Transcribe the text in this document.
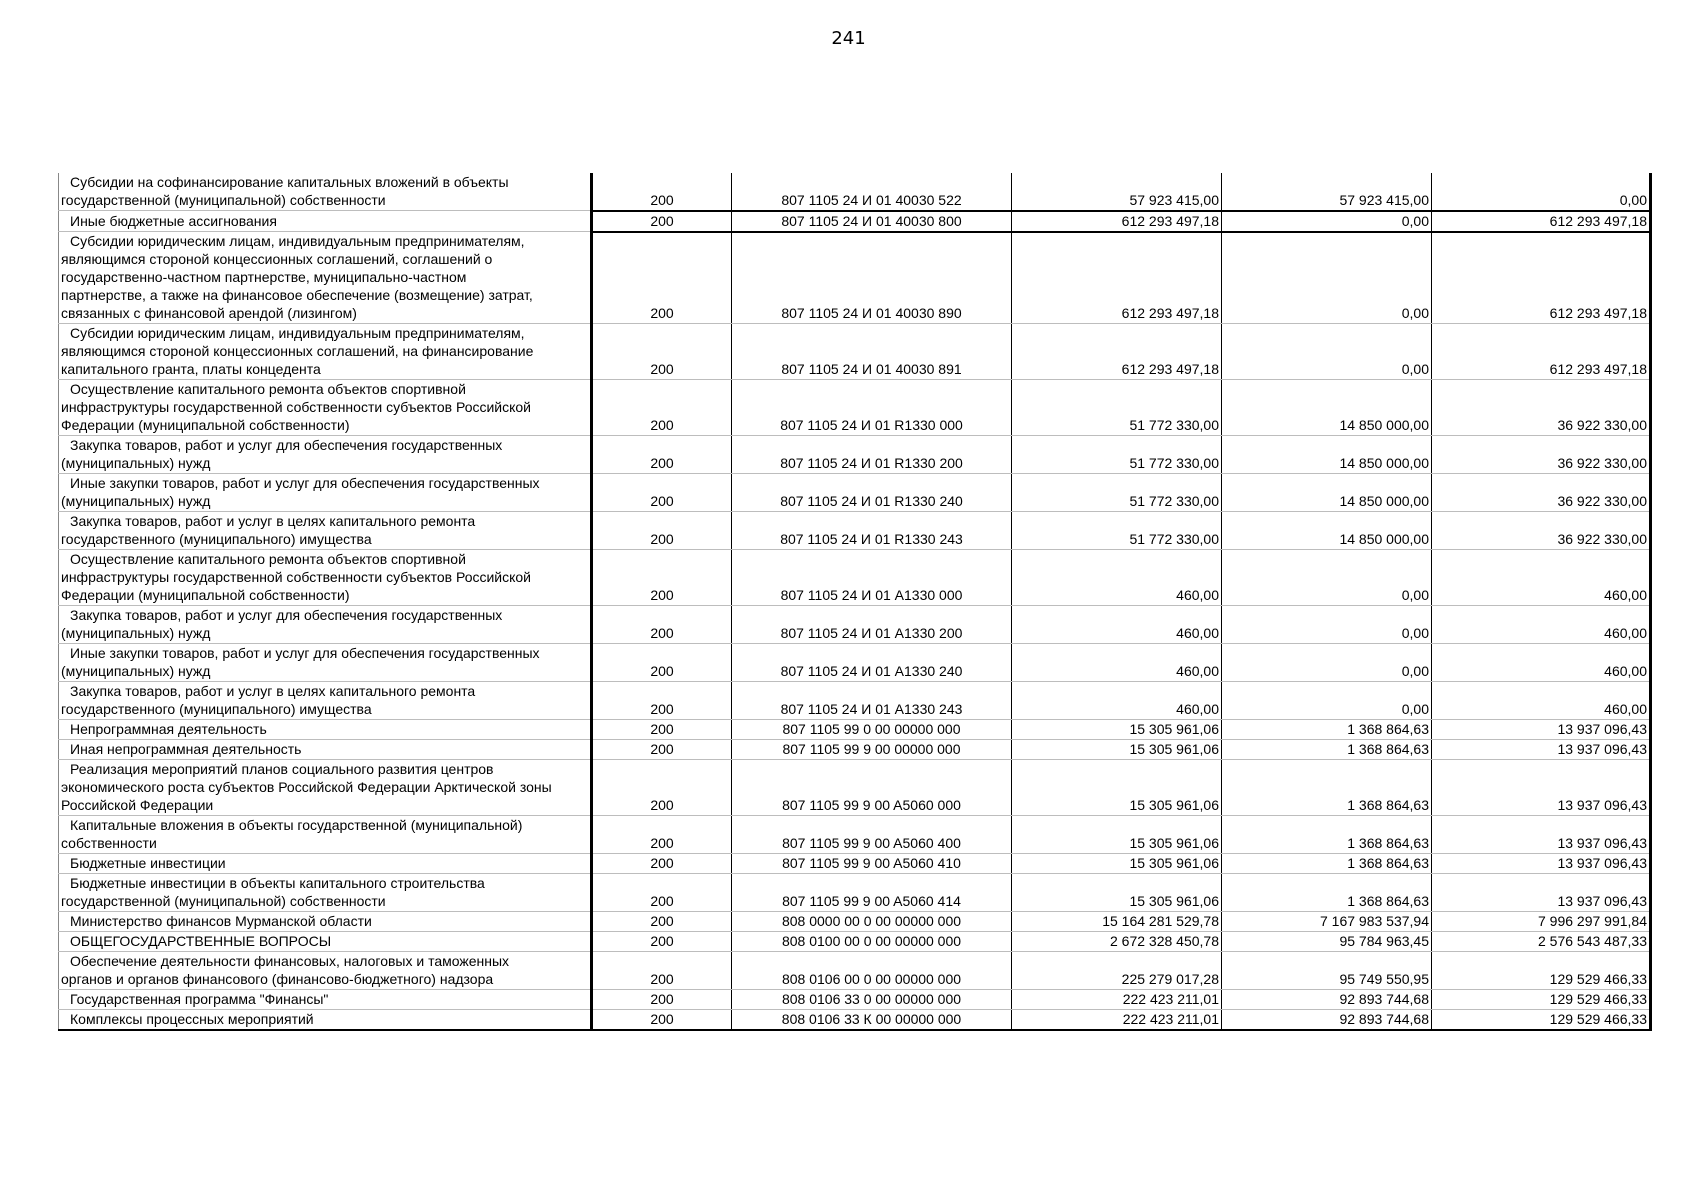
241
Субсидии на софинансирование капитальных вложений в объекты
государственной (муниципальной) собственности	200	807 1105 24 И 01 40030 522	57 923 415,00	57 923 415,00	0,00
Иные бюджетные ассигнования	200	807 1105 24 И 01 40030 800	612 293 497,18	0,00	612 293 497,18
Субсидии юридическим лицам, индивидуальным предпринимателям,
являющимся стороной концессионных соглашений, соглашений о
государственно-частном партнерстве, муниципально-частном
партнерстве, а также на финансовое обеспечение (возмещение) затрат,
связанных с финансовой арендой (лизингом)	200	807 1105 24 И 01 40030 890	612 293 497,18	0,00	612 293 497,18
Субсидии юридическим лицам, индивидуальным предпринимателям,
являющимся стороной концессионных соглашений, на финансирование
капитального гранта, платы концедента	200	807 1105 24 И 01 40030 891	612 293 497,18	0,00	612 293 497,18
Осуществление капитального ремонта объектов спортивной
инфраструктуры государственной собственности субъектов Российской
Федерации (муниципальной собственности)	200	807 1105 24 И 01 R1330 000	51 772 330,00	14 850 000,00	36 922 330,00
Закупка товаров, работ и услуг для обеспечения государственных
(муниципальных) нужд	200	807 1105 24 И 01 R1330 200	51 772 330,00	14 850 000,00	36 922 330,00
Иные закупки товаров, работ и услуг для обеспечения государственных
(муниципальных) нужд	200	807 1105 24 И 01 R1330 240	51 772 330,00	14 850 000,00	36 922 330,00
Закупка товаров, работ и услуг в целях капитального ремонта
государственного (муниципального) имущества	200	807 1105 24 И 01 R1330 243	51 772 330,00	14 850 000,00	36 922 330,00
Осуществление капитального ремонта объектов спортивной
инфраструктуры государственной собственности субъектов Российской
Федерации (муниципальной собственности)	200	807 1105 24 И 01 A1330 000	460,00	0,00	460,00
Закупка товаров, работ и услуг для обеспечения государственных
(муниципальных) нужд	200	807 1105 24 И 01 A1330 200	460,00	0,00	460,00
Иные закупки товаров, работ и услуг для обеспечения государственных
(муниципальных) нужд	200	807 1105 24 И 01 A1330 240	460,00	0,00	460,00
Закупка товаров, работ и услуг в целях капитального ремонта
государственного (муниципального) имущества	200	807 1105 24 И 01 A1330 243	460,00	0,00	460,00
Непрограммная деятельность	200	807 1105 99 0 00 00000 000	15 305 961,06	1 368 864,63	13 937 096,43
Иная непрограммная деятельность	200	807 1105 99 9 00 00000 000	15 305 961,06	1 368 864,63	13 937 096,43
Реализация мероприятий планов социального развития центров
экономического роста субъектов Российской Федерации Арктической зоны
Российской Федерации	200	807 1105 99 9 00 A5060 000	15 305 961,06	1 368 864,63	13 937 096,43
Капитальные вложения в объекты государственной (муниципальной)
собственности	200	807 1105 99 9 00 A5060 400	15 305 961,06	1 368 864,63	13 937 096,43
Бюджетные инвестиции	200	807 1105 99 9 00 A5060 410	15 305 961,06	1 368 864,63	13 937 096,43
Бюджетные инвестиции в объекты капитального строительства
государственной (муниципальной) собственности	200	807 1105 99 9 00 A5060 414	15 305 961,06	1 368 864,63	13 937 096,43
Министерство финансов Мурманской области	200	808 0000 00 0 00 00000 000	15 164 281 529,78	7 167 983 537,94	7 996 297 991,84
ОБЩЕГОСУДАРСТВЕННЫЕ ВОПРОСЫ	200	808 0100 00 0 00 00000 000	2 672 328 450,78	95 784 963,45	2 576 543 487,33
Обеспечение деятельности финансовых, налоговых и таможенных
органов и органов финансового (финансово-бюджетного) надзора	200	808 0106 00 0 00 00000 000	225 279 017,28	95 749 550,95	129 529 466,33
Государственная программа "Финансы"	200	808 0106 33 0 00 00000 000	222 423 211,01	92 893 744,68	129 529 466,33
Комплексы процессных мероприятий	200	808 0106 33 К 00 00000 000	222 423 211,01	92 893 744,68	129 529 466,33
